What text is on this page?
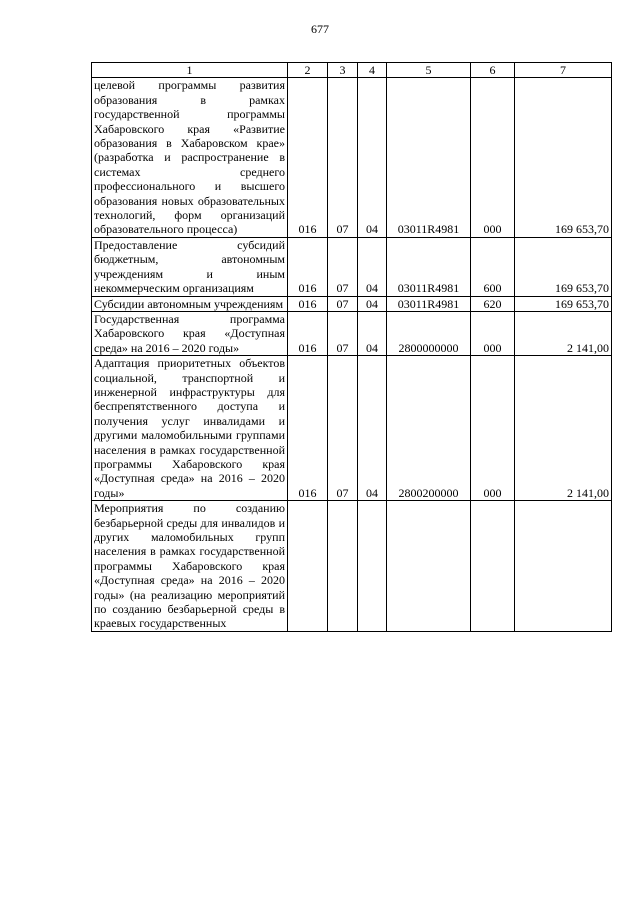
677
1	2	3	4	5	6	7
целевой программы развития образования в рамках государственной программы Хабаровского края «Развитие образования в Хабаровском крае» (разработка и распространение в системах среднего профессионального и высшего образования новых образовательных технологий, форм организаций образовательного процесса)	016	07	04	03011R4981	000	169 653,70
Предоставление субсидий бюджетным, автономным учреждениям и иным некоммерческим организациям	016	07	04	03011R4981	600	169 653,70
Субсидии автономным учреждениям	016	07	04	03011R4981	620	169 653,70
Государственная программа Хабаровского края «Доступная среда» на 2016 – 2020 годы»	016	07	04	2800000000	000	2 141,00
Адаптация приоритетных объектов социальной, транспортной и инженерной инфраструктуры для беспрепятственного доступа и получения услуг инвалидами и другими маломобильными группами населения в рамках государственной программы Хабаровского края «Доступная среда» на 2016 – 2020 годы»	016	07	04	2800200000	000	2 141,00
Мероприятия по созданию безбарьерной среды для инвалидов и других маломобильных групп населения в рамках государственной программы Хабаровского края «Доступная среда» на 2016 – 2020 годы» (на реализацию мероприятий по созданию безбарьерной среды в краевых государственных						
